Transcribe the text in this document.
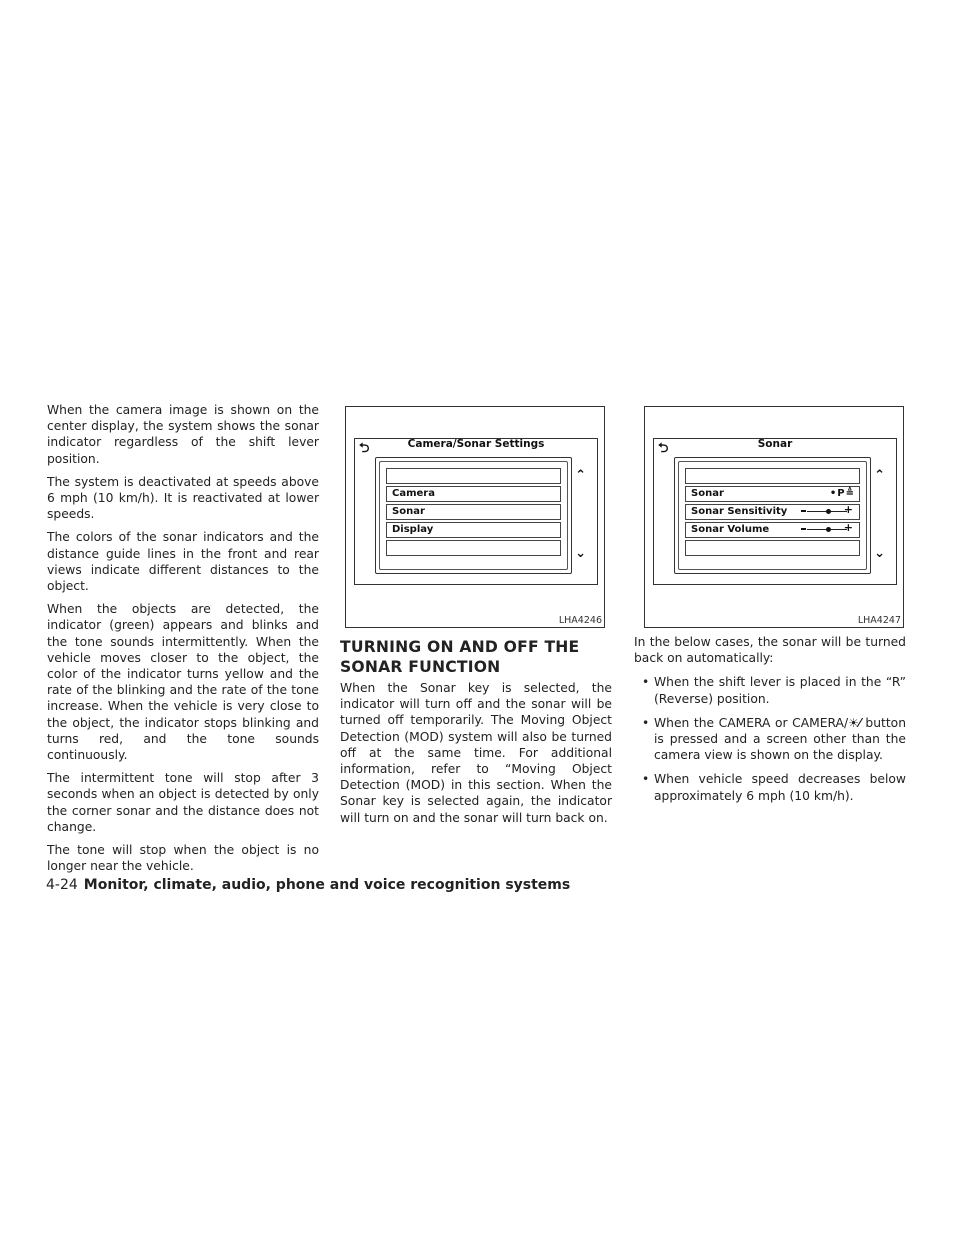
When the camera image is shown on the center display, the system shows the sonar indicator regardless of the shift lever position.

The system is deactivated at speeds above 6 mph (10 km/h). It is reactivated at lower speeds.

The colors of the sonar indicators and the distance guide lines in the front and rear views indicate different distances to the object.

When the objects are detected, the indicator (green) appears and blinks and the tone sounds intermittently. When the vehicle moves closer to the object, the color of the indicator turns yellow and the rate of the blinking and the rate of the tone increase. When the vehicle is very close to the object, the indicator stops blinking and turns red, and the tone sounds continuously.

The intermittent tone will stop after 3 seconds when an object is detected by only the corner sonar and the distance does not change.

The tone will stop when the object is no longer near the vehicle.

⮌	Camera/Sonar Settings
Camera
Sonar
Display
⌃
⌄
LHA4246
⮌	Sonar
Sonar	•P≜
Sonar Sensitivity	+
Sonar Volume	+
⌃
⌄
LHA4247
TURNING ON AND OFF THE SONAR FUNCTION

When the Sonar key is selected, the indicator will turn off and the sonar will be turned off temporarily. The Moving Object Detection (MOD) system will also be turned off at the same time. For additional information, refer to “Moving Object Detection (MOD) in this section. When the Sonar key is selected again, the indicator will turn on and the sonar will turn back on.

In the below cases, the sonar will be turned back on automatically:

• When the shift lever is placed in the “R” (Reverse) position.
• When the CAMERA or CAMERA/☀⁄ button is pressed and a screen other than the camera view is shown on the display.
• When vehicle speed decreases below approximately 6 mph (10 km/h).
4-24 Monitor, climate, audio, phone and voice recognition systems
